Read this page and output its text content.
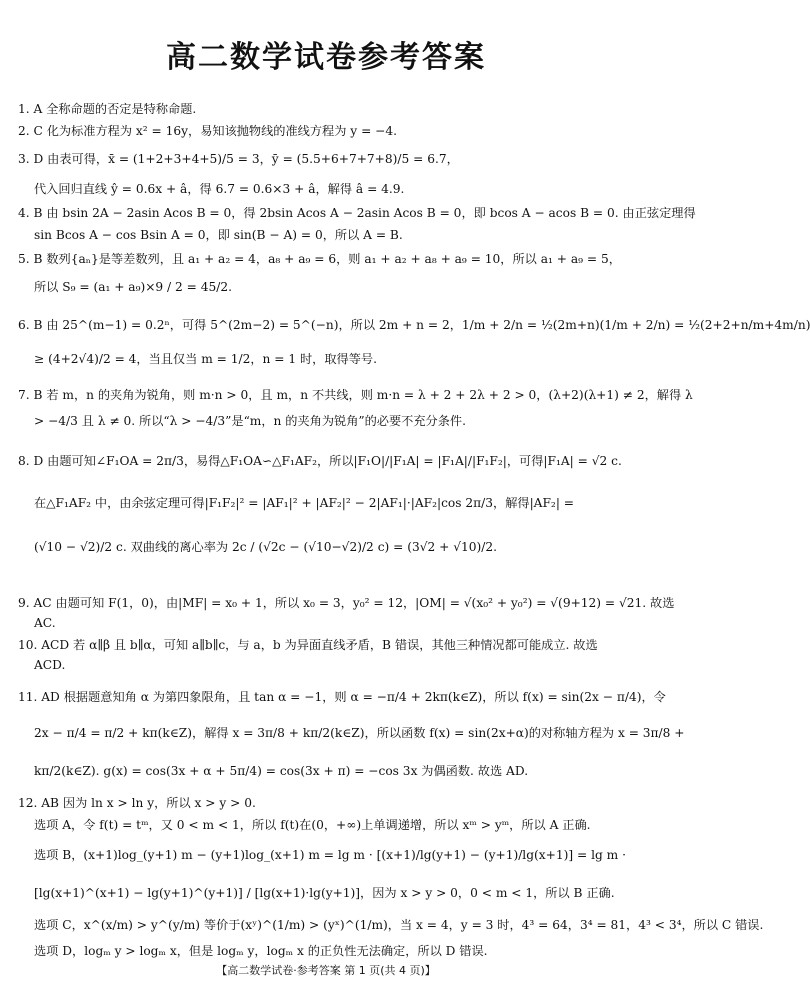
高二数学试卷参考答案
1. A 全称命题的否定是特称命题.
2. C 化为标准方程为 x² = 16y，易知该抛物线的准线方程为 y = −4.
3. D 由表可得，x̄ = (1+2+3+4+5)/5 = 3，ȳ = (5.5+6+7+7+8)/5 = 6.7，
代入回归直线 ŷ = 0.6x + â，得 6.7 = 0.6×3 + â，解得 â = 4.9.
4. B 由 bsin 2A − 2asin Acos B = 0，得 2bsin Acos A − 2asin Acos B = 0，即 bcos A − acos B = 0. 由正弦定理得
sin Bcos A − cos Bsin A = 0，即 sin(B − A) = 0，所以 A = B.
5. B 数列{aₙ}是等差数列，且 a₁ + a₂ = 4，a₈ + a₉ = 6，则 a₁ + a₂ + a₈ + a₉ = 10，所以 a₁ + a₉ = 5，
所以 S₉ = (a₁ + a₉)×9 / 2 = 45/2.
6. B 由 25^(m−1) = 0.2ⁿ，可得 5^(2m−2) = 5^(−n)，所以 2m + n = 2，1/m + 2/n = ½(2m+n)(1/m + 2/n) = ½(2+2+n/m+4m/n)
≥ (4+2√4)/2 = 4，当且仅当 m = 1/2，n = 1 时，取得等号.
7. B 若 m，n 的夹角为锐角，则 m·n > 0，且 m，n 不共线，则 m·n = λ + 2 + 2λ + 2 > 0，(λ+2)(λ+1) ≠ 2，解得 λ
> −4/3 且 λ ≠ 0. 所以“λ > −4/3”是“m，n 的夹角为锐角”的必要不充分条件.
8. D 由题可知∠F₁OA = 2π/3，易得△F₁OA∽△F₁AF₂，所以|F₁O|/|F₁A| = |F₁A|/|F₁F₂|，可得|F₁A| = √2 c.
在△F₁AF₂ 中，由余弦定理可得|F₁F₂|² = |AF₁|² + |AF₂|² − 2|AF₁|·|AF₂|cos 2π/3，解得|AF₂| =
(√10 − √2)/2 c. 双曲线的离心率为 2c / (√2c − (√10−√2)/2 c) = (3√2 + √10)/2.
9. AC 由题可知 F(1，0)，由|MF| = x₀ + 1，所以 x₀ = 3，y₀² = 12，|OM| = √(x₀² + y₀²) = √(9+12) = √21. 故选
AC.
10. ACD 若 α∥β 且 b∥α，可知 a∥b∥c，与 a，b 为异面直线矛盾，B 错误，其他三种情况都可能成立. 故选
ACD.
11. AD 根据题意知角 α 为第四象限角，且 tan α = −1，则 α = −π/4 + 2kπ(k∈Z)，所以 f(x) = sin(2x − π/4)，令
2x − π/4 = π/2 + kπ(k∈Z)，解得 x = 3π/8 + kπ/2(k∈Z)，所以函数 f(x) = sin(2x+α)的对称轴方程为 x = 3π/8 +
kπ/2(k∈Z). g(x) = cos(3x + α + 5π/4) = cos(3x + π) = −cos 3x 为偶函数. 故选 AD.
12. AB 因为 ln x > ln y，所以 x > y > 0.
选项 A，令 f(t) = tᵐ，又 0 < m < 1，所以 f(t)在(0，+∞)上单调递增，所以 xᵐ > yᵐ，所以 A 正确.
选项 B，(x+1)log_(y+1) m − (y+1)log_(x+1) m = lg m · [(x+1)/lg(y+1) − (y+1)/lg(x+1)] = lg m ·
[lg(x+1)^(x+1) − lg(y+1)^(y+1)] / [lg(x+1)·lg(y+1)]，因为 x > y > 0，0 < m < 1，所以 B 正确.
选项 C，x^(x/m) > y^(y/m) 等价于(xʸ)^(1/m) > (yˣ)^(1/m)，当 x = 4，y = 3 时，4³ = 64，3⁴ = 81，4³ < 3⁴，所以 C 错误.
选项 D，logₘ y > logₘ x，但是 logₘ y，logₘ x 的正负性无法确定，所以 D 错误.
【高二数学试卷·参考答案 第 1 页(共 4 页)】
